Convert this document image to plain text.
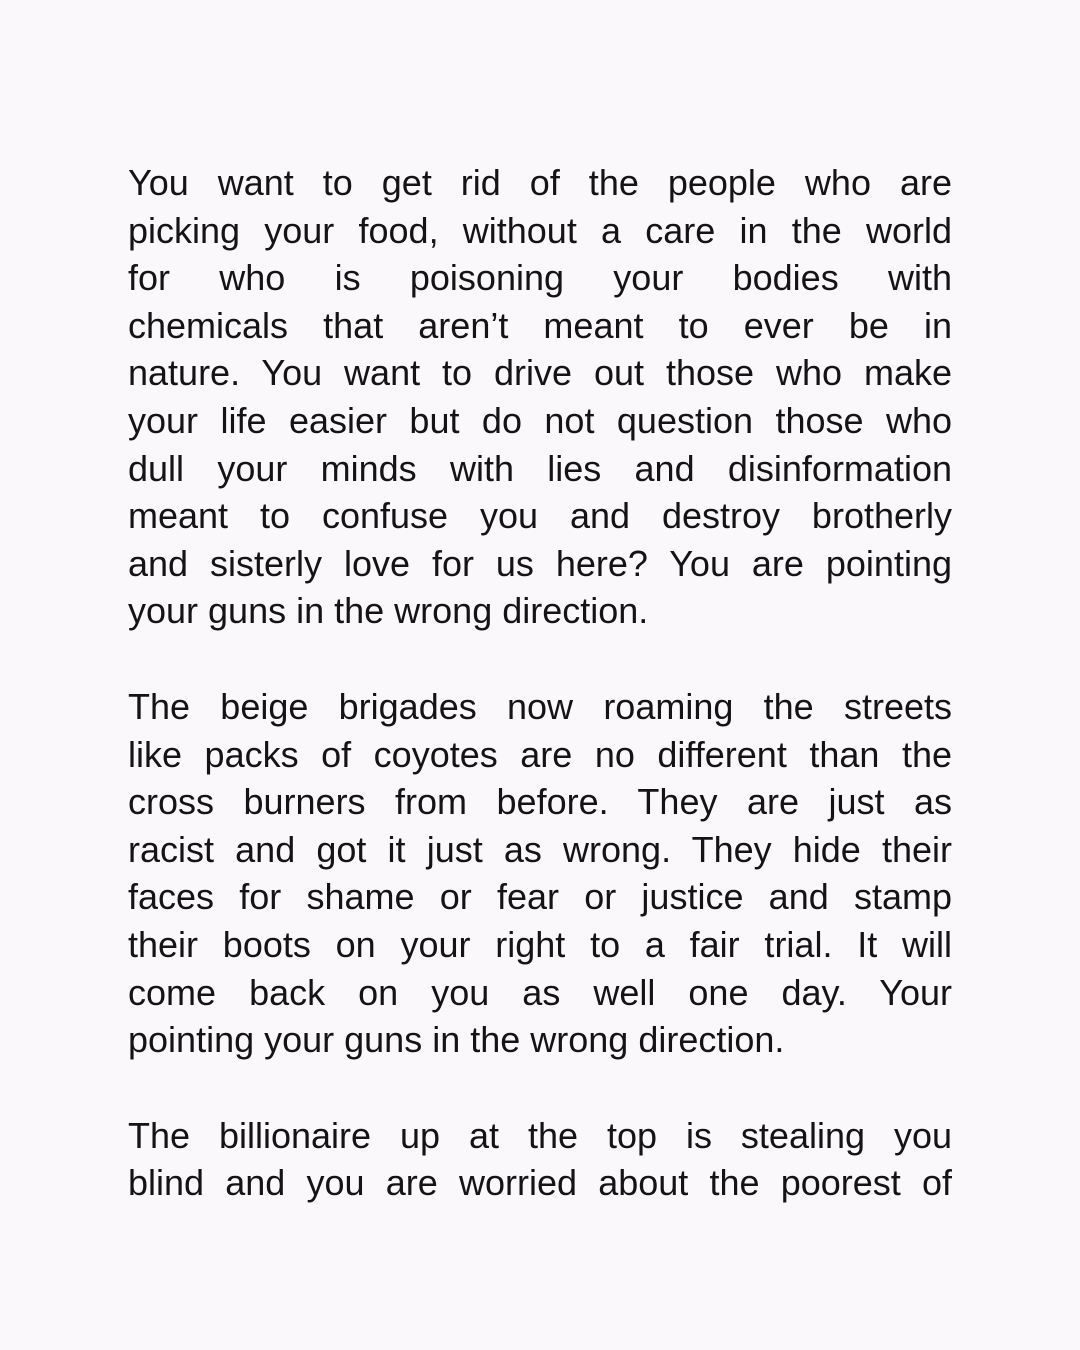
You want to get rid of the people who are
picking your food, without a care in the world
for who is poisoning your bodies with
chemicals that aren’t meant to ever be in
nature. You want to drive out those who make
your life easier but do not question those who
dull your minds with lies and disinformation
meant to confuse you and destroy brotherly
and sisterly love for us here? You are pointing
your guns in the wrong direction.
The beige brigades now roaming the streets
like packs of coyotes are no different than the
cross burners from before. They are just as
racist and got it just as wrong. They hide their
faces for shame or fear or justice and stamp
their boots on your right to a fair trial. It will
come back on you as well one day. Your
pointing your guns in the wrong direction.
The billionaire up at the top is stealing you
blind and you are worried about the poorest of
